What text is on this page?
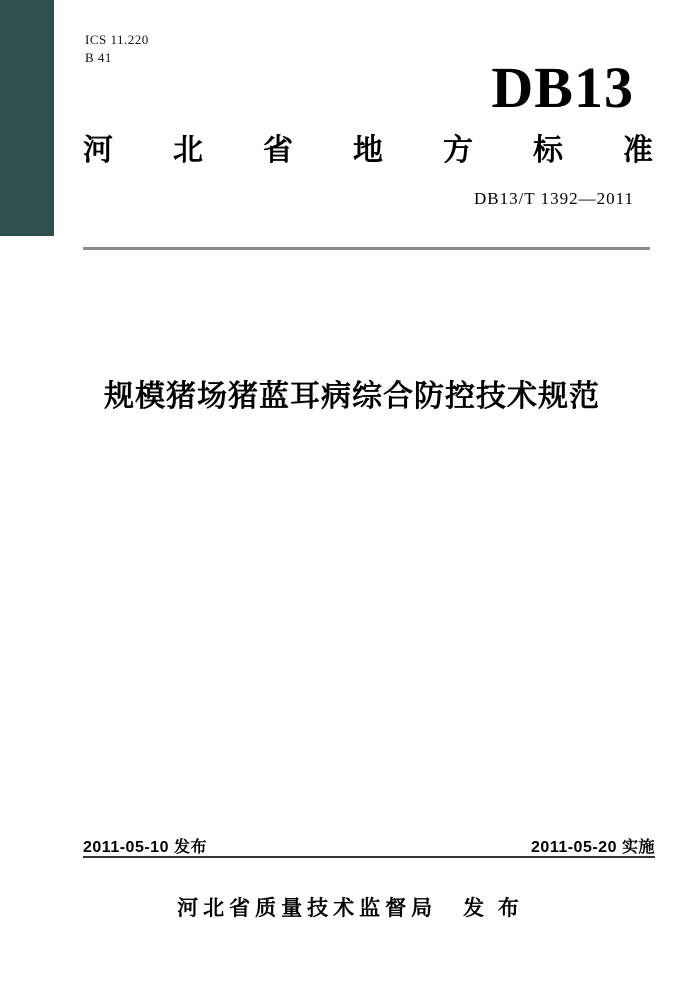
ICS 11.220
B 41	DB13
河 北 省 地 方 标 准
DB13/T 1392—2011
规模猪场猪蓝耳病综合防控技术规范
2011-05-10 发布	2011-05-20 实施
河北省质量技术监督局 发 布
